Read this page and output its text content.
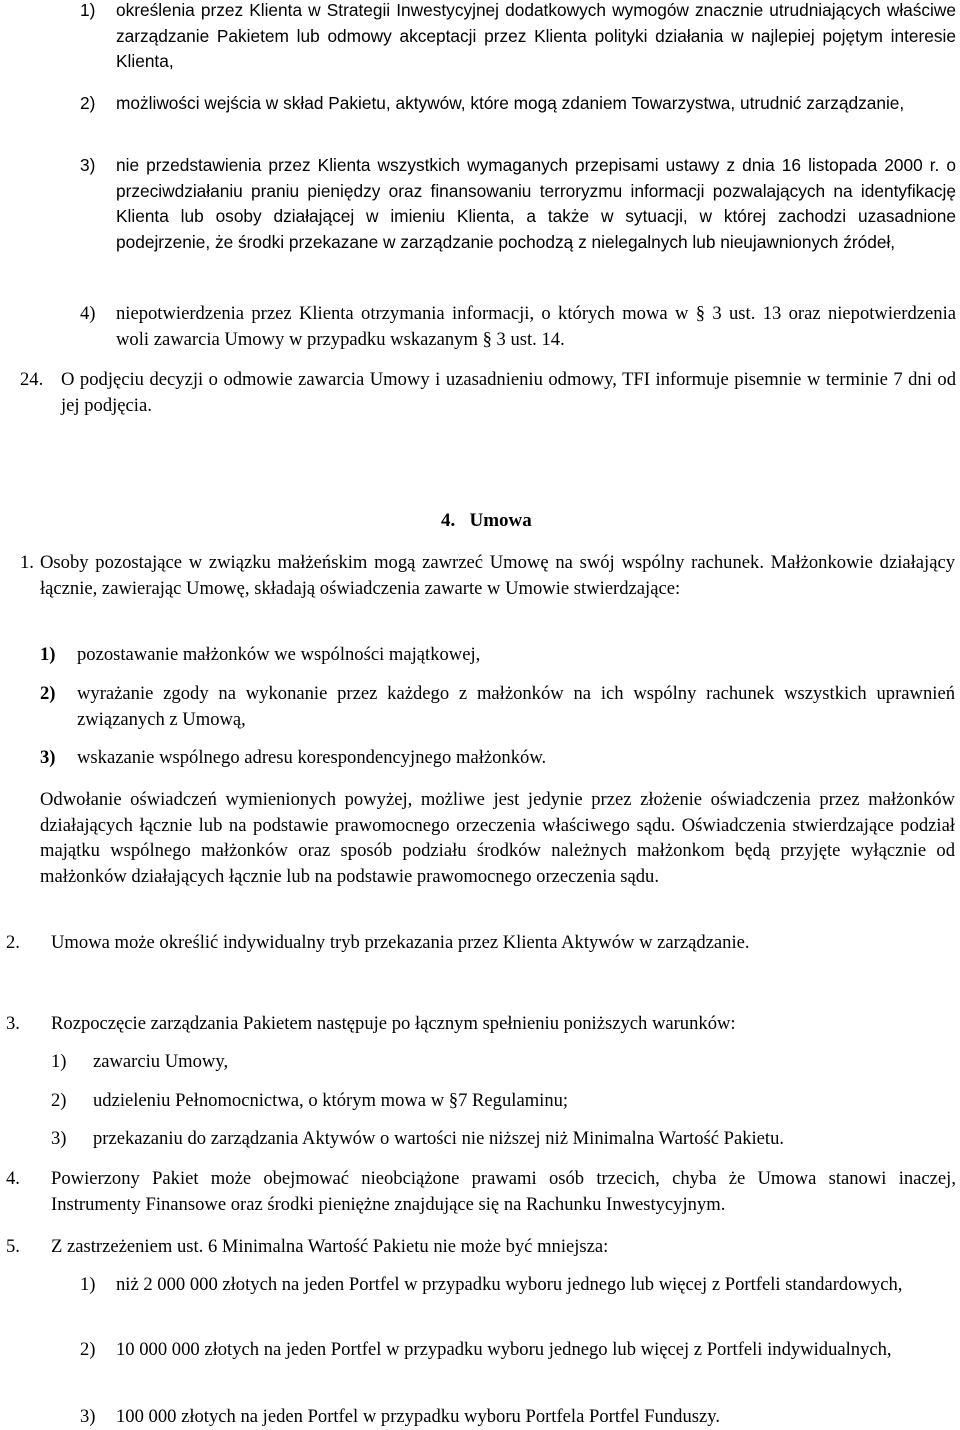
1) określenia przez Klienta w Strategii Inwestycyjnej dodatkowych wymogów znacznie utrudniających właściwe zarządzanie Pakietem lub odmowy akceptacji przez Klienta polityki działania w najlepiej pojętym interesie Klienta,

2) możliwości wejścia w skład Pakietu, aktywów, które mogą zdaniem Towarzystwa, utrudnić zarządzanie,

3) nie przedstawienia przez Klienta wszystkich wymaganych przepisami ustawy z dnia 16 listopada 2000 r. o przeciwdziałaniu praniu pieniędzy oraz finansowaniu terroryzmu informacji pozwalających na identyfikację Klienta lub osoby działającej w imieniu Klienta, a także w sytuacji, w której zachodzi uzasadnione podejrzenie, że środki przekazane w zarządzanie pochodzą z nielegalnych lub nieujawnionych źródeł,

4) niepotwierdzenia przez Klienta otrzymania informacji, o których mowa w § 3 ust. 13 oraz niepotwierdzenia woli zawarcia Umowy w przypadku wskazanym § 3 ust. 14.

24. O podjęciu decyzji o odmowie zawarcia Umowy i uzasadnieniu odmowy, TFI informuje pisemnie w terminie 7 dni od jej podjęcia.

4. Umowa
1. Osoby pozostające w związku małżeńskim mogą zawrzeć Umowę na swój wspólny rachunek. Małżonkowie działający łącznie, zawierając Umowę, składają oświadczenia zawarte w Umowie stwierdzające:

1) pozostawanie małżonków we wspólności majątkowej,

2) wyrażanie zgody na wykonanie przez każdego z małżonków na ich wspólny rachunek wszystkich uprawnień związanych z Umową,

3) wskazanie wspólnego adresu korespondencyjnego małżonków.

Odwołanie oświadczeń wymienionych powyżej, możliwe jest jedynie przez złożenie oświadczenia przez małżonków działających łącznie lub na podstawie prawomocnego orzeczenia właściwego sądu. Oświadczenia stwierdzające podział majątku wspólnego małżonków oraz sposób podziału środków należnych małżonkom będą przyjęte wyłącznie od małżonków działających łącznie lub na podstawie prawomocnego orzeczenia sądu.

2. Umowa może określić indywidualny tryb przekazania przez Klienta Aktywów w zarządzanie.

3. Rozpoczęcie zarządzania Pakietem następuje po łącznym spełnieniu poniższych warunków:

1) zawarciu Umowy,

2) udzieleniu Pełnomocnictwa, o którym mowa w §7 Regulaminu;

3) przekazaniu do zarządzania Aktywów o wartości nie niższej niż Minimalna Wartość Pakietu.

4. Powierzony Pakiet może obejmować nieobciążone prawami osób trzecich, chyba że Umowa stanowi inaczej, Instrumenty Finansowe oraz środki pieniężne znajdujące się na Rachunku Inwestycyjnym.

5. Z zastrzeżeniem ust. 6 Minimalna Wartość Pakietu nie może być mniejsza:

1) niż 2 000 000 złotych na jeden Portfel w przypadku wyboru jednego lub więcej z Portfeli standardowych,

2) 10 000 000 złotych na jeden Portfel w przypadku wyboru jednego lub więcej z Portfeli indywidualnych,

3) 100 000 złotych na jeden Portfel w przypadku wyboru Portfela Portfel Funduszy.
